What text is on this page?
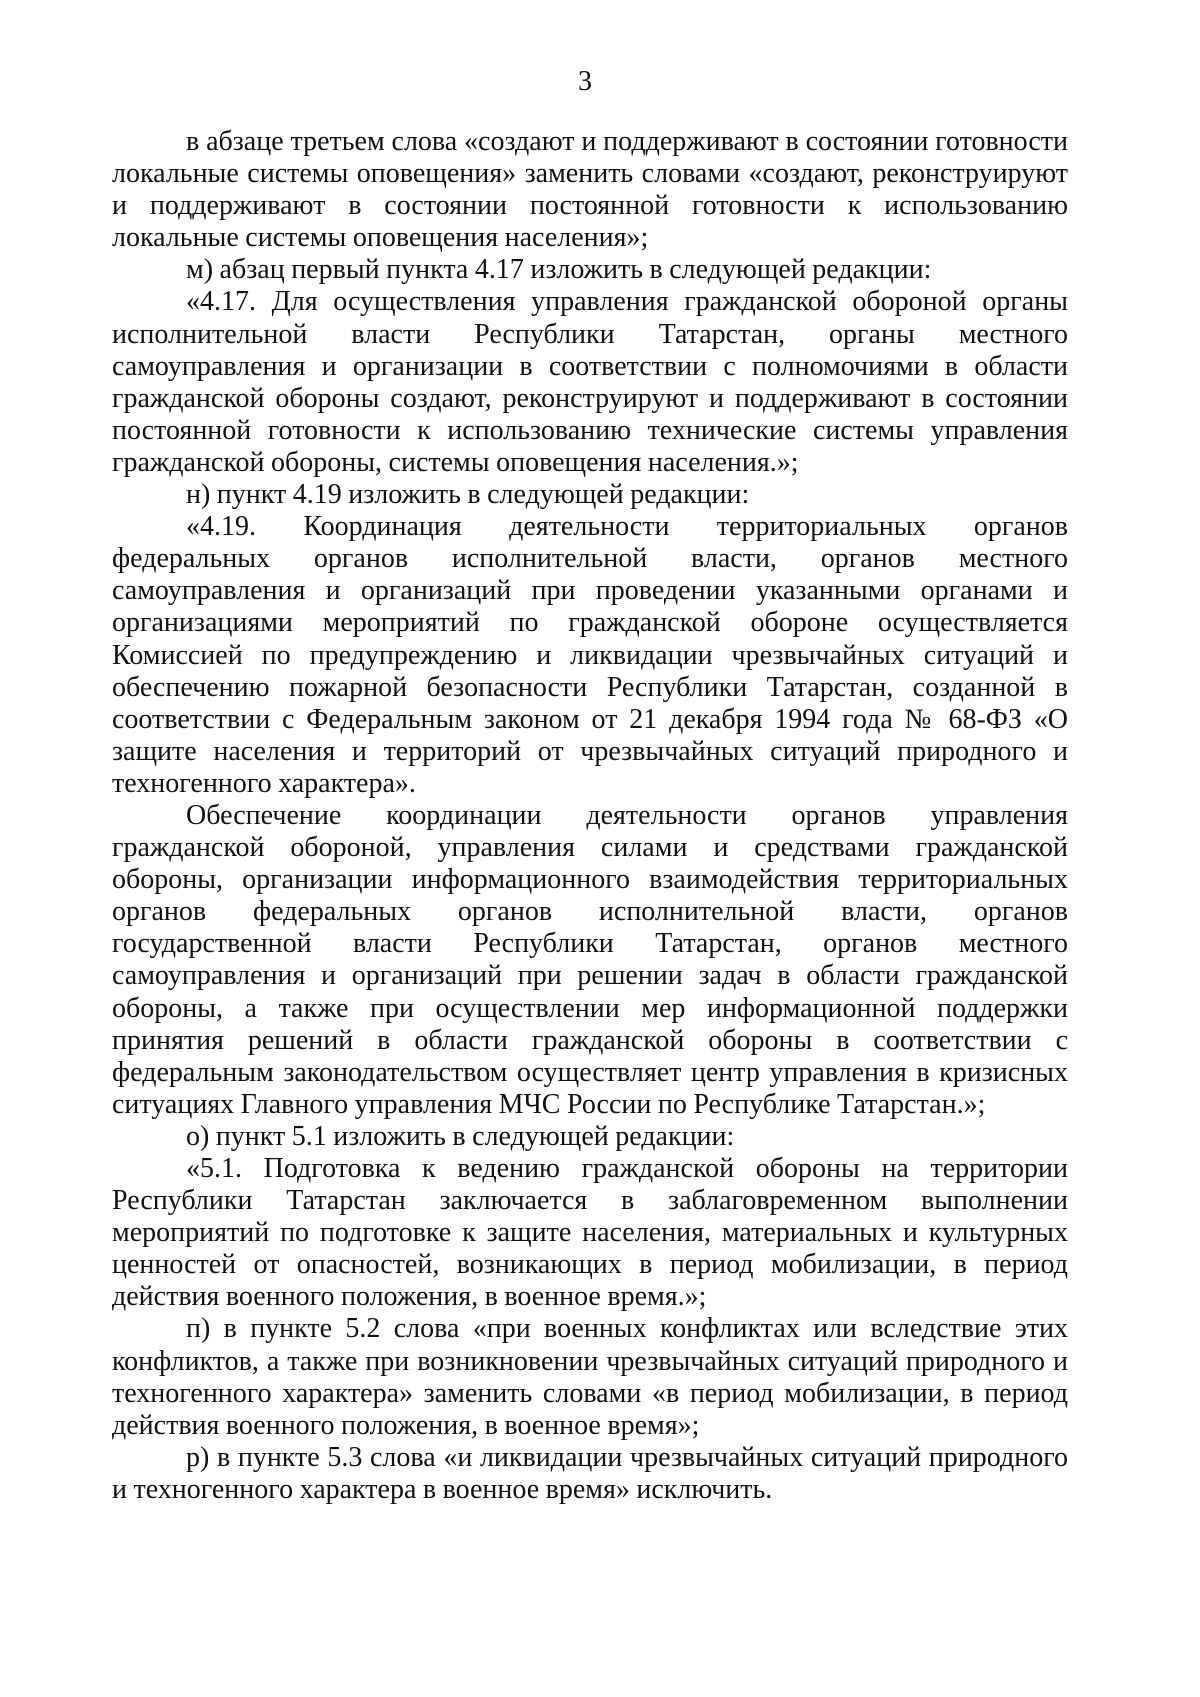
3

в абзаце третьем слова «создают и поддерживают в состоянии готовности локальные системы оповещения» заменить словами «создают, реконструируют и поддерживают в состоянии постоянной готовности к использованию локальные системы оповещения населения»;

м) абзац первый пункта 4.17 изложить в следующей редакции:

«4.17. Для осуществления управления гражданской обороной органы исполнительной власти Республики Татарстан, органы местного самоуправления и организации в соответствии с полномочиями в области гражданской обороны создают, реконструируют и поддерживают в состоянии постоянной готовности к использованию технические системы управления гражданской обороны, системы оповещения населения.»;

н) пункт 4.19 изложить в следующей редакции:

«4.19. Координация деятельности территориальных органов федеральных органов исполнительной власти, органов местного самоуправления и организаций при проведении указанными органами и организациями мероприятий по гражданской обороне осуществляется Комиссией по предупреждению и ликвидации чрезвычайных ситуаций и обеспечению пожарной безопасности Республики Татарстан, созданной в соответствии с Федеральным законом от 21 декабря 1994 года № 68-ФЗ «О защите населения и территорий от чрезвычайных ситуаций природного и техногенного характера».

Обеспечение координации деятельности органов управления гражданской обороной, управления силами и средствами гражданской обороны, организации информационного взаимодействия территориальных органов федеральных органов исполнительной власти, органов государственной власти Республики Татарстан, органов местного самоуправления и организаций при решении задач в области гражданской обороны, а также при осуществлении мер информационной поддержки принятия решений в области гражданской обороны в соответствии с федеральным законодательством осуществляет центр управления в кризисных ситуациях Главного управления МЧС России по Республике Татарстан.»;

о) пункт 5.1 изложить в следующей редакции:

«5.1. Подготовка к ведению гражданской обороны на территории Республики Татарстан заключается в заблаговременном выполнении мероприятий по подготовке к защите населения, материальных и культурных ценностей от опасностей, возникающих в период мобилизации, в период действия военного положения, в военное время.»;

п) в пункте 5.2 слова «при военных конфликтах или вследствие этих конфликтов, а также при возникновении чрезвычайных ситуаций природного и техногенного характера» заменить словами «в период мобилизации, в период действия военного положения, в военное время»;

р) в пункте 5.3 слова «и ликвидации чрезвычайных ситуаций природного и техногенного характера в военное время» исключить.
